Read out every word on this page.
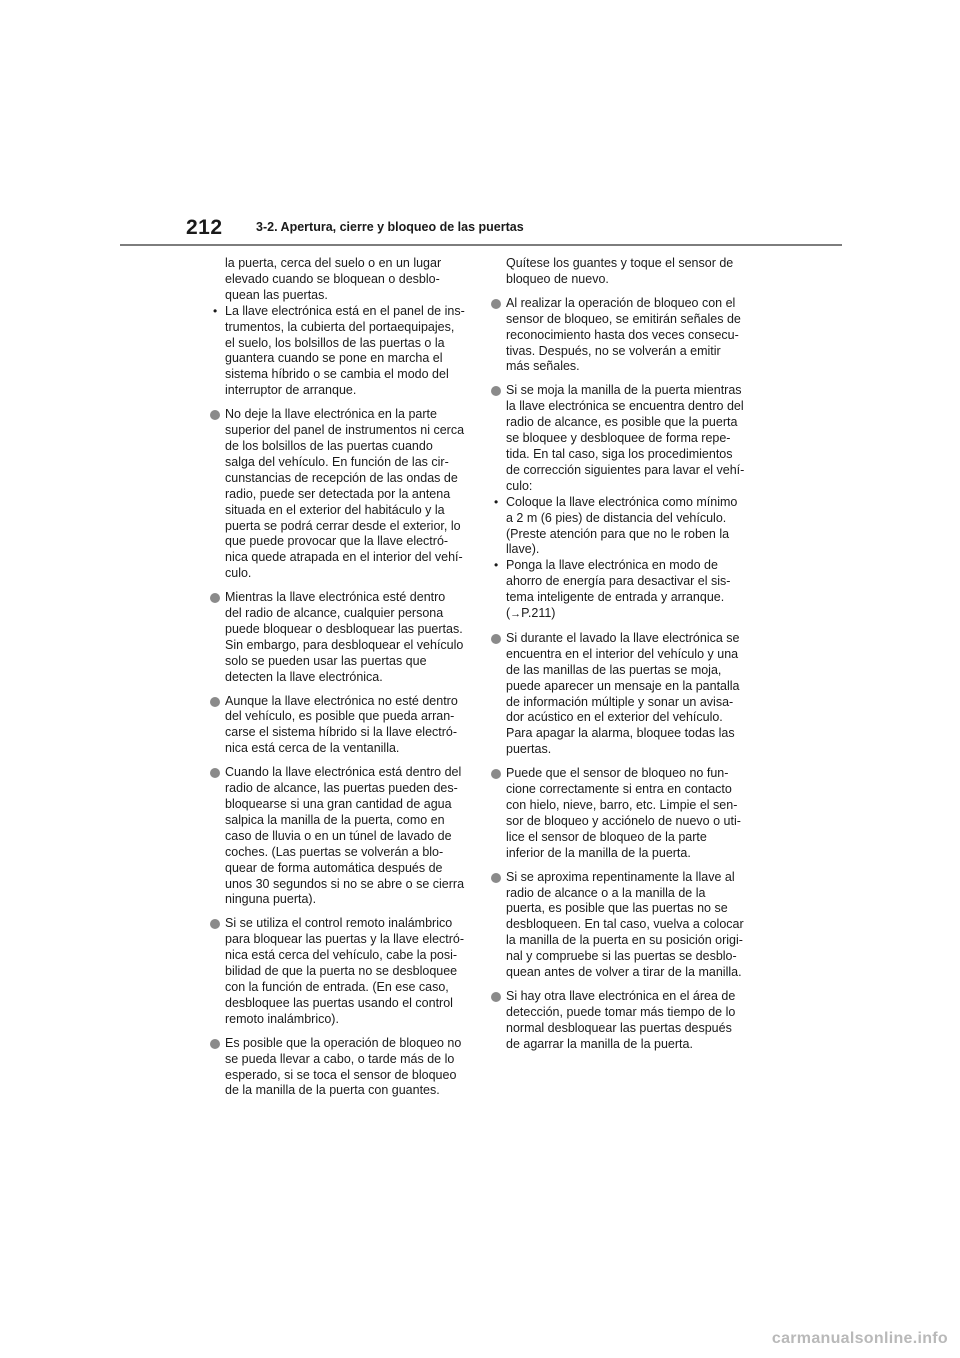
212	3-2. Apertura, cierre y bloqueo de las puertas
la puerta, cerca del suelo o en un lugar
elevado cuando se bloquean o desblo-
quean las puertas.
• La llave electrónica está en el panel de ins-
trumentos, la cubierta del portaequipajes,
el suelo, los bolsillos de las puertas o la
guantera cuando se pone en marcha el
sistema híbrido o se cambia el modo del
interruptor de arranque.
No deje la llave electrónica en la parte
superior del panel de instrumentos ni cerca
de los bolsillos de las puertas cuando
salga del vehículo. En función de las cir-
cunstancias de recepción de las ondas de
radio, puede ser detectada por la antena
situada en el exterior del habitáculo y la
puerta se podrá cerrar desde el exterior, lo
que puede provocar que la llave electró-
nica quede atrapada en el interior del vehí-
culo.
Mientras la llave electrónica esté dentro
del radio de alcance, cualquier persona
puede bloquear o desbloquear las puertas.
Sin embargo, para desbloquear el vehículo
solo se pueden usar las puertas que
detecten la llave electrónica.
Aunque la llave electrónica no esté dentro
del vehículo, es posible que pueda arran-
carse el sistema híbrido si la llave electró-
nica está cerca de la ventanilla.
Cuando la llave electrónica está dentro del
radio de alcance, las puertas pueden des-
bloquearse si una gran cantidad de agua
salpica la manilla de la puerta, como en
caso de lluvia o en un túnel de lavado de
coches. (Las puertas se volverán a blo-
quear de forma automática después de
unos 30 segundos si no se abre o se cierra
ninguna puerta).
Si se utiliza el control remoto inalámbrico
para bloquear las puertas y la llave electró-
nica está cerca del vehículo, cabe la posi-
bilidad de que la puerta no se desbloquee
con la función de entrada. (En ese caso,
desbloquee las puertas usando el control
remoto inalámbrico).
Es posible que la operación de bloqueo no
se pueda llevar a cabo, o tarde más de lo
esperado, si se toca el sensor de bloqueo
de la manilla de la puerta con guantes.
Quítese los guantes y toque el sensor de
bloqueo de nuevo.
Al realizar la operación de bloqueo con el
sensor de bloqueo, se emitirán señales de
reconocimiento hasta dos veces consecu-
tivas. Después, no se volverán a emitir
más señales.
Si se moja la manilla de la puerta mientras
la llave electrónica se encuentra dentro del
radio de alcance, es posible que la puerta
se bloquee y desbloquee de forma repe-
tida. En tal caso, siga los procedimientos
de corrección siguientes para lavar el vehí-
culo:
• Coloque la llave electrónica como mínimo
a 2 m (6 pies) de distancia del vehículo.
(Preste atención para que no le roben la
llave).
• Ponga la llave electrónica en modo de
ahorro de energía para desactivar el sis-
tema inteligente de entrada y arranque.
(→P.211)
Si durante el lavado la llave electrónica se
encuentra en el interior del vehículo y una
de las manillas de las puertas se moja,
puede aparecer un mensaje en la pantalla
de información múltiple y sonar un avisa-
dor acústico en el exterior del vehículo.
Para apagar la alarma, bloquee todas las
puertas.
Puede que el sensor de bloqueo no fun-
cione correctamente si entra en contacto
con hielo, nieve, barro, etc. Limpie el sen-
sor de bloqueo y acciónelo de nuevo o uti-
lice el sensor de bloqueo de la parte
inferior de la manilla de la puerta.
Si se aproxima repentinamente la llave al
radio de alcance o a la manilla de la
puerta, es posible que las puertas no se
desbloqueen. En tal caso, vuelva a colocar
la manilla de la puerta en su posición origi-
nal y compruebe si las puertas se desblo-
quean antes de volver a tirar de la manilla.
Si hay otra llave electrónica en el área de
detección, puede tomar más tiempo de lo
normal desbloquear las puertas después
de agarrar la manilla de la puerta.
carmanualsonline.info
